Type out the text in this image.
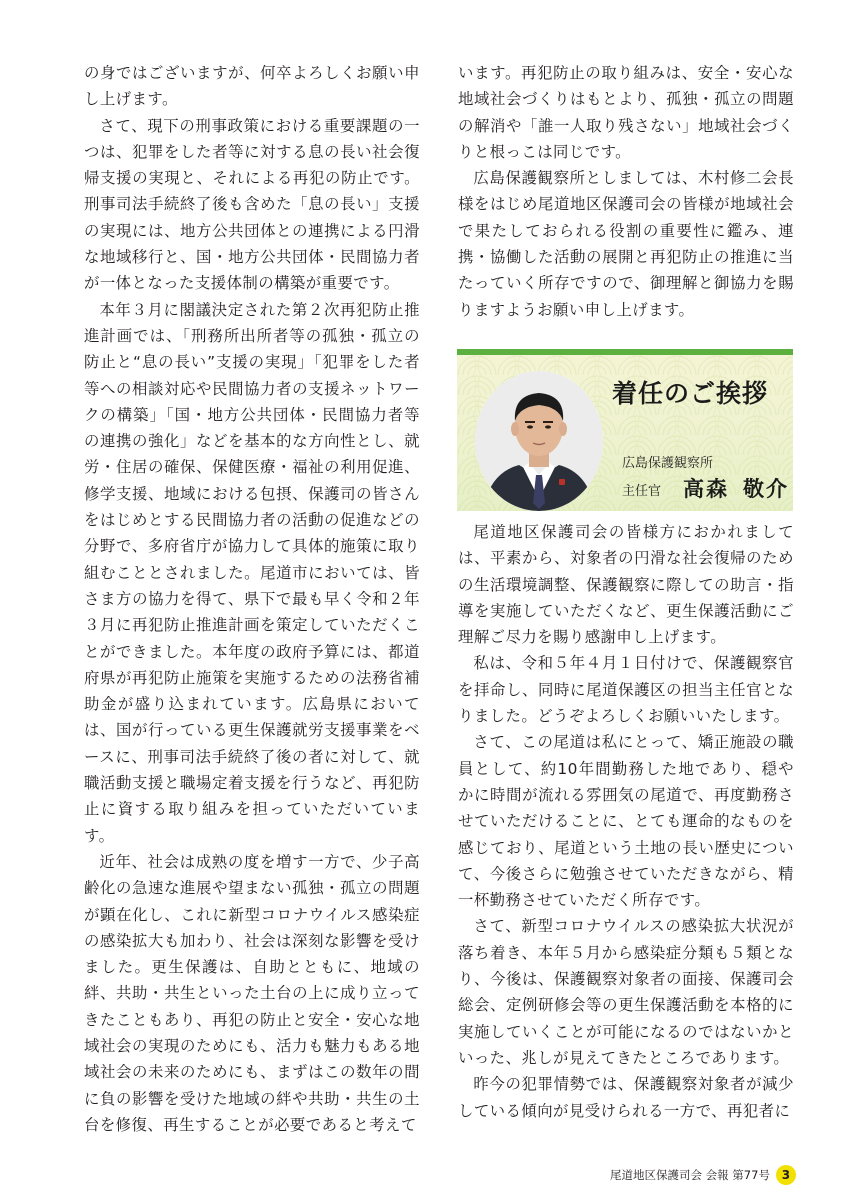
の身ではございますが、何卒よろしくお願い申し上げます。

さて、現下の刑事政策における重要課題の一つは、犯罪をした者等に対する息の長い社会復帰支援の実現と、それによる再犯の防止です。刑事司法手続終了後も含めた「息の長い」支援の実現には、地方公共団体との連携による円滑な地域移行と、国・地方公共団体・民間協力者が一体となった支援体制の構築が重要です。

本年３月に閣議決定された第２次再犯防止推進計画では、「刑務所出所者等の孤独・孤立の防止と“息の長い”支援の実現」「犯罪をした者等への相談対応や民間協力者の支援ネットワークの構築」「国・地方公共団体・民間協力者等の連携の強化」などを基本的な方向性とし、就労・住居の確保、保健医療・福祉の利用促進、修学支援、地域における包摂、保護司の皆さんをはじめとする民間協力者の活動の促進などの分野で、多府省庁が協力して具体的施策に取り組むこととされました。尾道市においては、皆さま方の協力を得て、県下で最も早く令和２年３月に再犯防止推進計画を策定していただくことができました。本年度の政府予算には、都道府県が再犯防止施策を実施するための法務省補助金が盛り込まれています。広島県においては、国が行っている更生保護就労支援事業をベースに、刑事司法手続終了後の者に対して、就職活動支援と職場定着支援を行うなど、再犯防止に資する取り組みを担っていただいています。

近年、社会は成熟の度を増す一方で、少子高齢化の急速な進展や望まない孤独・孤立の問題が顕在化し、これに新型コロナウイルス感染症の感染拡大も加わり、社会は深刻な影響を受けました。更生保護は、自助とともに、地域の絆、共助・共生といった土台の上に成り立ってきたこともあり、再犯の防止と安全・安心な地域社会の実現のためにも、活力も魅力もある地域社会の未来のためにも、まずはこの数年の間に負の影響を受けた地域の絆や共助・共生の土台を修復、再生することが必要であると考えて

います。再犯防止の取り組みは、安全・安心な地域社会づくりはもとより、孤独・孤立の問題の解消や「誰一人取り残さない」地域社会づくりと根っこは同じです。

広島保護観察所としましては、木村修二会長様をはじめ尾道地区保護司会の皆様が地域社会で果たしておられる役割の重要性に鑑み、連携・協働した活動の展開と再犯防止の推進に当たっていく所存ですので、御理解と御協力を賜りますようお願い申し上げます。

着任のご挨拶
広島保護観察所
主任官 高森 敬介

尾道地区保護司会の皆様方におかれましては、平素から、対象者の円滑な社会復帰のための生活環境調整、保護観察に際しての助言・指導を実施していただくなど、更生保護活動にご理解ご尽力を賜り感謝申し上げます。

私は、令和５年４月１日付けで、保護観察官を拝命し、同時に尾道保護区の担当主任官となりました。どうぞよろしくお願いいたします。

さて、この尾道は私にとって、矯正施設の職員として、約10年間勤務した地であり、穏やかに時間が流れる雰囲気の尾道で、再度勤務させていただけることに、とても運命的なものを感じており、尾道という土地の長い歴史について、今後さらに勉強させていただきながら、精一杯勤務させていただく所存です。

さて、新型コロナウイルスの感染拡大状況が落ち着き、本年５月から感染症分類も５類となり、今後は、保護観察対象者の面接、保護司会総会、定例研修会等の更生保護活動を本格的に実施していくことが可能になるのではないかといった、兆しが見えてきたところであります。

昨今の犯罪情勢では、保護観察対象者が減少している傾向が見受けられる一方で、再犯者に

尾道地区保護司会 会報 第77号 3
